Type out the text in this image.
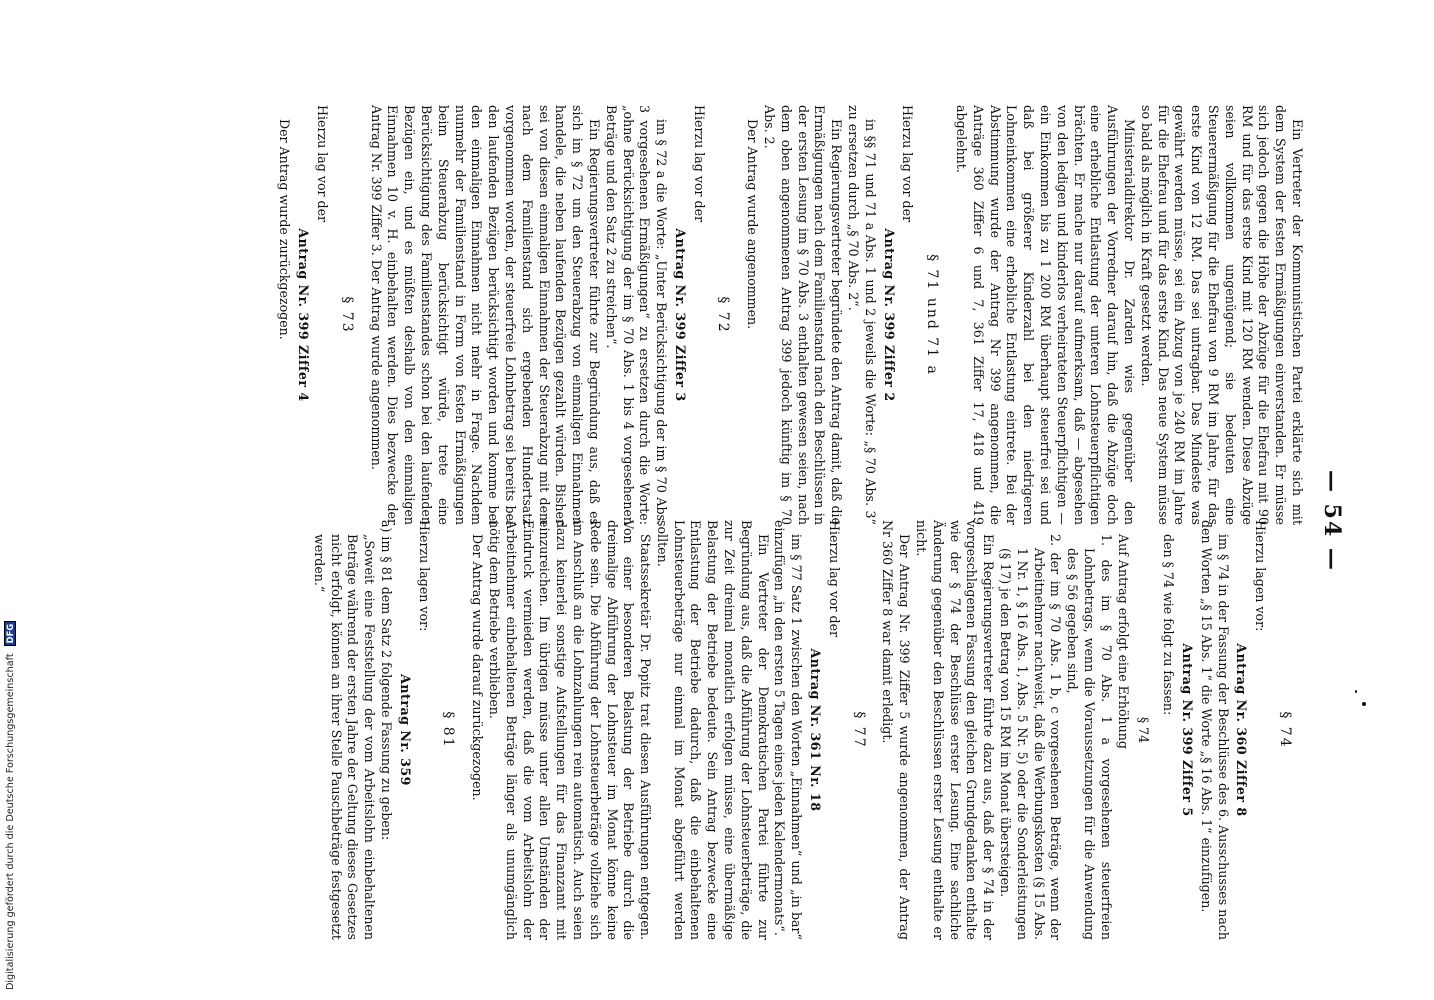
— 54 —

Ein Vertreter der Kommunistischen Partei erklärte sich mit dem System der festen Ermäßigungen einverstanden. Er müsse sich jedoch gegen die Höhe der Abzüge für die Ehefrau mit 90 RM und für das erste Kind mit 120 RM wenden. Diese Abzüge seien vollkommen ungenügend; sie bedeuten eine Steuerermäßigung für die Ehefrau von 9 RM im Jahre, für das erste Kind von 12 RM. Das sei untragbar. Das Mindeste was gewährt werden müsse, sei ein Abzug von je 240 RM im Jahre für die Ehefrau und für das erste Kind. Das neue System müsse so bald als möglich in Kraft gesetzt werden.

Ministerialdirektor Dr. Zarden wies gegenüber den Ausführungen der Vorredner darauf hin, daß die Abzüge doch eine erhebliche Entlastung der unteren Lohnsteuerpflichtigen brächten. Er mache nur darauf aufmerksam, daß — abgesehen von den ledigen und kinderlos verheirateten Steuerpflichtigen — ein Einkommen bis zu 1 200 RM überhaupt steuerfrei sei und daß bei größerer Kinderzahl bei den niedrigeren Lohneinkommen eine erhebliche Entlastung eintrete. Bei der Abstimmung wurde der Antrag Nr 399 angenommen, die Anträge 360 Ziffer 6 und 7, 361 Ziffer 17, 418 und 419 abgelehnt.

§ 71 und 71 a

Hierzu lag vor der

Antrag Nr. 399 Ziffer 2

in §§ 71 und 71 a Abs. 1 und 2 jeweils die Worte: „§ 70 Abs. 3“ zu ersetzen durch „§ 70 Abs. 2“.

Ein Regierungsvertreter begründete den Antrag damit, daß die Ermäßigungen nach dem Familienstand nach den Beschlüssen in der ersten Lesung im § 70 Abs. 3 enthalten gewesen seien, nach dem oben angenommenen Antrag 399 jedoch künftig im § 70 Abs. 2.

Der Antrag wurde angenommen.

§ 72

Hierzu lag vor der

Antrag Nr. 399 Ziffer 3

im § 72 a die Worte: „Unter Berücksichtigung der im § 70 Abs. 3 vorgesehenen Ermäßigungen“ zu ersetzen durch die Worte: „ohne Berücksichtigung der im § 70 Abs. 1 bis 4 vorgesehenen Beträge und den Satz 2 zu streichen“.

Ein Regierungsvertreter führte zur Begründung aus, daß es sich im § 72 um den Steuerabzug von einmaligen Einnahmen handele, die neben laufenden Bezügen gezahlt würden. Bisher sei von diesen einmaligen Einnahmen der Steuerabzug mit dem nach dem Familienstand sich ergebenden Hundertsatz vorgenommen worden, der steuerfreie Lohnbetrag sei bereits bei den laufenden Bezügen berücksichtigt worden und komme bei den einmaligen Einnahmen nicht mehr in Frage. Nachdem nunmehr der Familienstand in Form von festen Ermäßigungen beim Steuerabzug berücksichtigt würde, trete eine Berücksichtigung des Familienstandes schon bei den laufenden Bezügen ein, und es müßten deshalb von den einmaligen Einnahmen 10 v. H. einbehalten werden. Dies bezwecke der Antrag Nr. 399 Ziffer 3. Der Antrag wurde angenommen.

§ 73

Hierzu lag vor der

Antrag Nr. 399 Ziffer 4

Der Antrag wurde zurückgezogen.

§ 74

Hierzu lagen vor:

Antrag Nr. 360 Ziffer 8

im § 74 in der Fassung der Beschlüsse des 6. Ausschusses nach den Worten „§ 15 Abs. 1“ die Worte „§ 16 Abs. 1“ einzufügen.

Antrag Nr. 399 Ziffer 5

den § 74 wie folgt zu fassen:

§ 74

Auf Antrag erfolgt eine Erhöhung

1. des im § 70 Abs. 1 a vorgesehenen steuerfreien Lohnbetrags, wenn die Voraussetzungen für die Anwendung des § 56 gegeben sind,

2. der im § 70 Abs. 1 b, c vorgesehenen Beträge, wenn der Arbeitnehmer nachweist, daß die Werbungskosten (§ 15 Abs. 1 Nr. 1, § 16 Abs. 1, Abs. 5 Nr. 5) oder die Sonderleistungen (§ 17) je den Betrag von 15 RM im Monat übersteigen.

Ein Regierungsvertreter führte dazu aus, daß der § 74 in der vorgeschlagenen Fassung den gleichen Grundgedanken enthalte wie der § 74 der Beschlüsse erster Lesung. Eine sachliche Änderung gegenüber den Beschlüssen erster Lesung enthalte er nicht.

Der Antrag Nr. 399 Ziffer 5 wurde angenommen, der Antrag Nr 360 Ziffer 8 war damit erledigt.

§ 77

Hierzu lag vor der

Antrag Nr. 361 Nr. 18

im § 77 Satz 1 zwischen den Worten „Einnahmen“ und „in bar“ einzufügen „in den ersten 5 Tagen eines jeden Kalendermonats“.

Ein Vertreter der Demokratischen Partei führte zur Begründung aus, daß die Abführung der Lohnsteuerbeträge, die zur Zeit dreimal monatlich erfolgen müsse, eine übermäßige Belastung der Betriebe bedeute. Sein Antrag bezwecke eine Entlastung der Betriebe dadurch, daß die einbehaltenen Lohnsteuerbeträge nur einmal im Monat abgeführt werden sollten.

Staatssekretär Dr. Popitz trat diesen Ausführungen entgegen. Von einer besonderen Belastung der Betriebe durch die dreimalige Abführung der Lohnsteuer im Monat könne keine Rede sein. Die Abführung der Lohnsteuerbeträge vollziehe sich im Anschluß an die Lohnzahlungen rein automatisch. Auch seien dazu keinerlei sonstige Aufstellungen für das Finanzamt mit einzureichen. Im übrigen müsse unter allen Umständen der Eindruck vermieden werden, daß die vom Arbeitslohn der Arbeitnehmer einbehaltenen Beträge länger als unumgänglich nötig dem Betriebe verblieben.

Der Antrag wurde darauf zurückgezogen.

§ 81

Hierzu lagen vor:

Antrag Nr. 359

a) im § 81 dem Satz 2 folgende Fassung zu geben:

„Soweit eine Feststellung der vom Arbeitslohn einbehaltenen Beträge während der ersten Jahre der Geltung dieses Gesetzes nicht erfolgt, können an ihrer Stelle Pauschbeträge festgesetzt werden.“

Digitalisierung gefördert durch die Deutsche Forschungsgemeinschaft DFG
